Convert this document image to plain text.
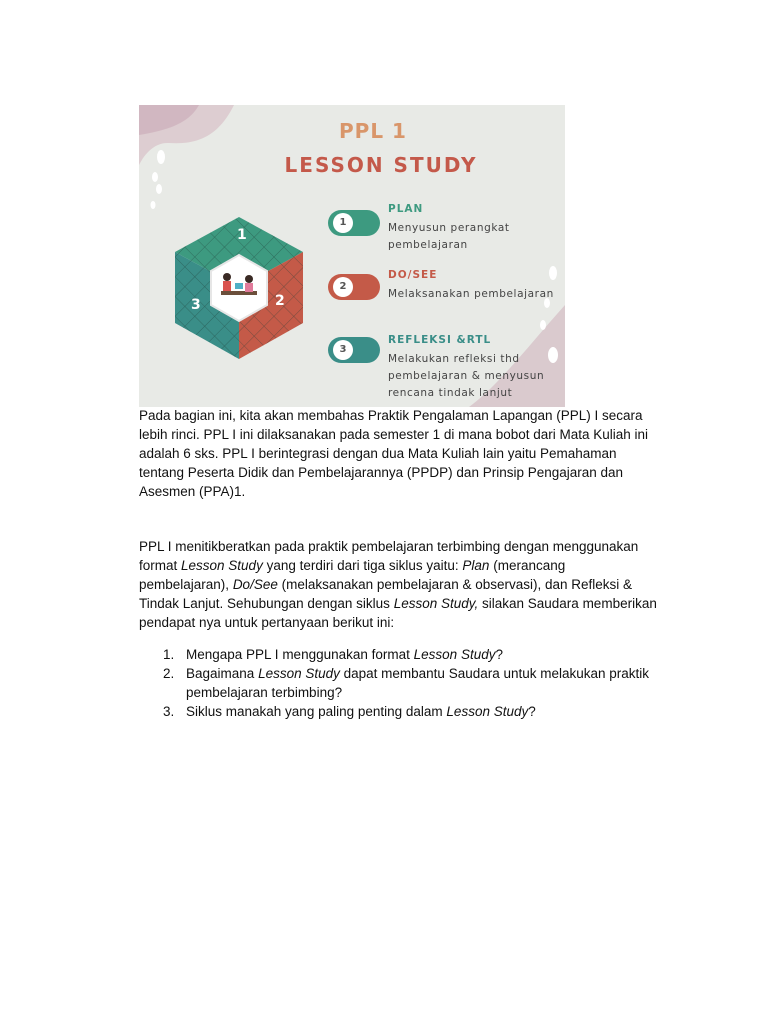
PPL 1
LESSON STUDY
1
2
3
1
PLAN
Menyusun perangkat pembelajaran
2
DO/SEE
Melaksanakan pembelajaran
3
REFLEKSI &RTL
Melakukan refleksi thd pembelajaran & menyusun rencana tindak lanjut
Pada bagian ini, kita akan membahas Praktik Pengalaman Lapangan (PPL) I secara lebih rinci. PPL I ini dilaksanakan pada semester 1 di mana bobot dari Mata Kuliah ini adalah 6 sks. PPL I berintegrasi dengan dua Mata Kuliah lain yaitu Pemahaman tentang Peserta Didik dan Pembelajarannya (PPDP) dan Prinsip Pengajaran dan Asesmen (PPA)1.
PPL I menitikberatkan pada praktik pembelajaran terbimbing dengan menggunakan format Lesson Study yang terdiri dari tiga siklus yaitu: Plan (merancang pembelajaran), Do/See (melaksanakan pembelajaran & observasi), dan Refleksi & Tindak Lanjut. Sehubungan dengan siklus Lesson Study, silakan Saudara memberikan pendapat nya untuk pertanyaan berikut ini:
1. Mengapa PPL I menggunakan format Lesson Study?
2. Bagaimana Lesson Study dapat membantu Saudara untuk melakukan praktik pembelajaran terbimbing?
3. Siklus manakah yang paling penting dalam Lesson Study?
